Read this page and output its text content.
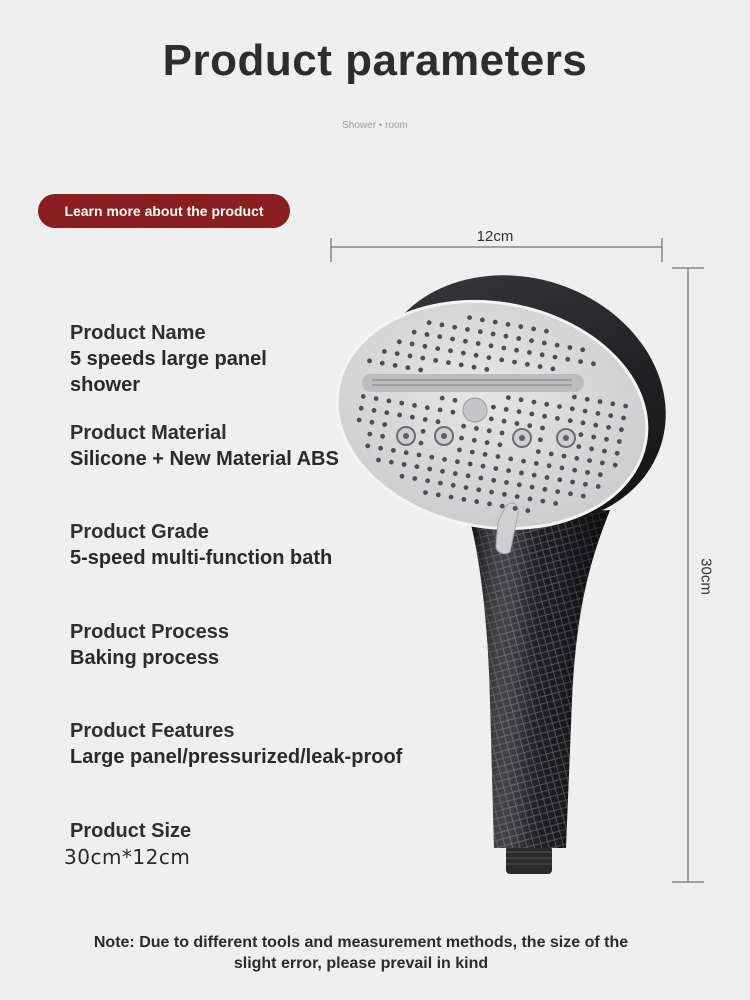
Product parameters
Shower • room
Learn more about the product
Product Name
5 speeds large panel shower
Product Material
Silicone + New Material ABS
Product Grade
5-speed multi-function bath
Product Process
Baking process
Product Features
Large panel/pressurized/leak-proof
Product Size
30cm*12cm
12cm
30cm
Note: Due to different tools and measurement methods, the size of the
slight error, please prevail in kind
